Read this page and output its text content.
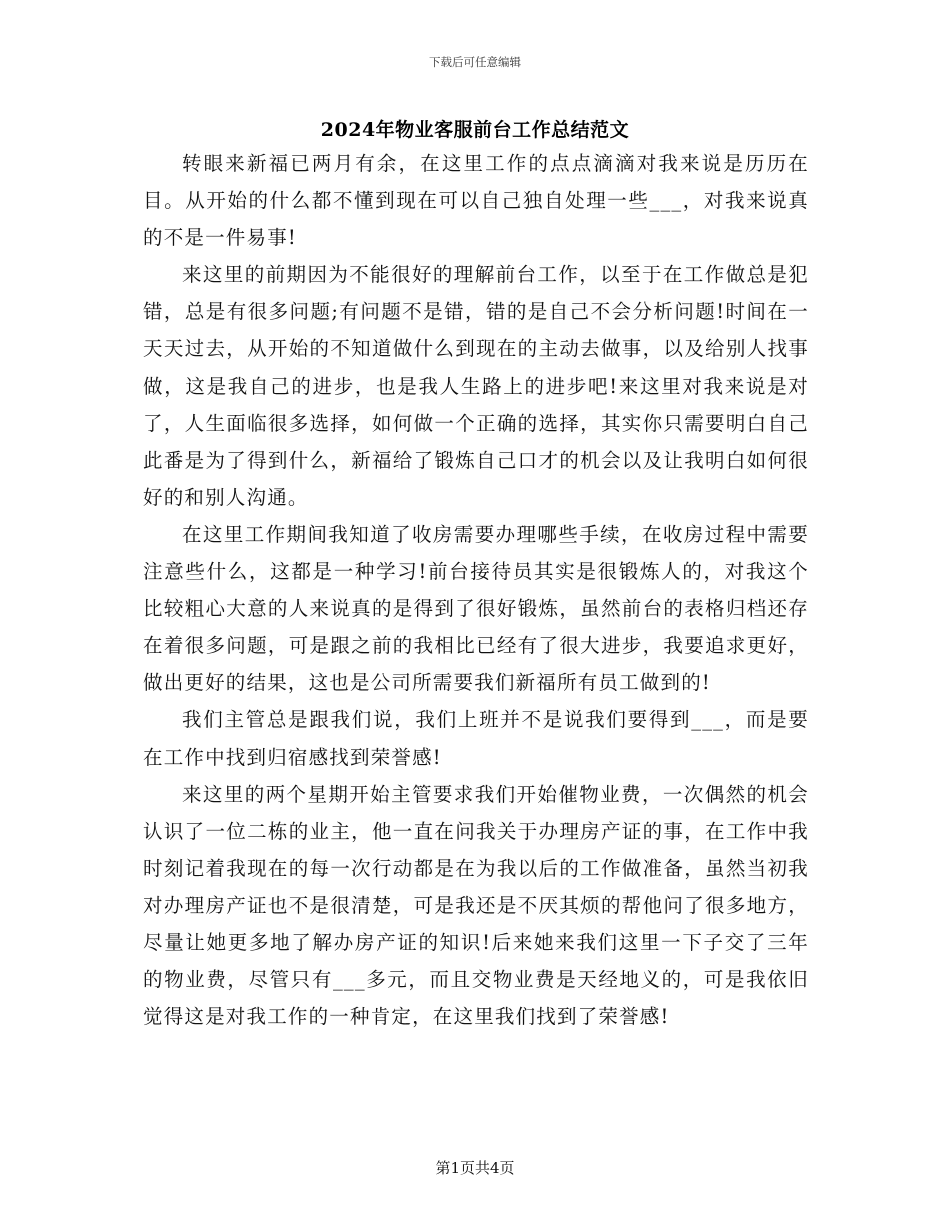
下载后可任意编辑
2024年物业客服前台工作总结范文

转眼来新福已两月有余，在这里工作的点点滴滴对我来说是历历在目。从开始的什么都不懂到现在可以自己独自处理一些___，对我来说真的不是一件易事!

来这里的前期因为不能很好的理解前台工作，以至于在工作做总是犯错，总是有很多问题;有问题不是错，错的是自己不会分析问题!时间在一天天过去，从开始的不知道做什么到现在的主动去做事，以及给别人找事做，这是我自己的进步，也是我人生路上的进步吧!来这里对我来说是对了，人生面临很多选择，如何做一个正确的选择，其实你只需要明白自己此番是为了得到什么，新福给了锻炼自己口才的机会以及让我明白如何很好的和别人沟通。

在这里工作期间我知道了收房需要办理哪些手续，在收房过程中需要注意些什么，这都是一种学习!前台接待员其实是很锻炼人的，对我这个比较粗心大意的人来说真的是得到了很好锻炼，虽然前台的表格归档还存在着很多问题，可是跟之前的我相比已经有了很大进步，我要追求更好，做出更好的结果，这也是公司所需要我们新福所有员工做到的!

我们主管总是跟我们说，我们上班并不是说我们要得到___，而是要在工作中找到归宿感找到荣誉感!

来这里的两个星期开始主管要求我们开始催物业费，一次偶然的机会认识了一位二栋的业主，他一直在问我关于办理房产证的事，在工作中我时刻记着我现在的每一次行动都是在为我以后的工作做准备，虽然当初我对办理房产证也不是很清楚，可是我还是不厌其烦的帮他问了很多地方，尽量让她更多地了解办房产证的知识!后来她来我们这里一下子交了三年的物业费，尽管只有___多元，而且交物业费是天经地义的，可是我依旧觉得这是对我工作的一种肯定，在这里我们找到了荣誉感!

第1页共4页
